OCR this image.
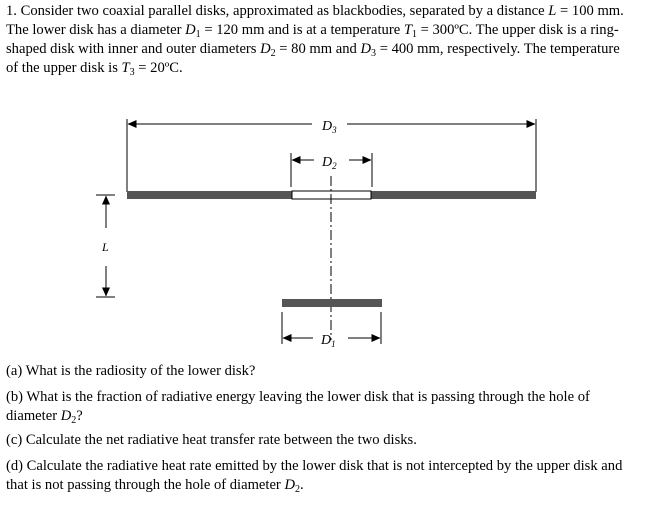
1. Consider two coaxial parallel disks, approximated as blackbodies, separated by a distance L = 100 mm. The lower disk has a diameter $D_1 = 120$ mm and is at a temperature $T_1$ = 300ºC. The upper disk is a ring-shaped disk with inner and outer diameters $D_2 = 80$ mm and $D_3 = 400$ mm, respectively. The temperature of the upper disk is $T_3$ = 20ºC.

$D_3$
$D_2$
L
$D_1$

(a) What is the radiosity of the lower disk?

(b) What is the fraction of radiative energy leaving the lower disk that is passing through the hole of diameter $D_2$?

(c) Calculate the net radiative heat transfer rate between the two disks.

(d) Calculate the radiative heat rate emitted by the lower disk that is not intercepted by the upper disk and that is not passing through the hole of diameter $D_2$.
